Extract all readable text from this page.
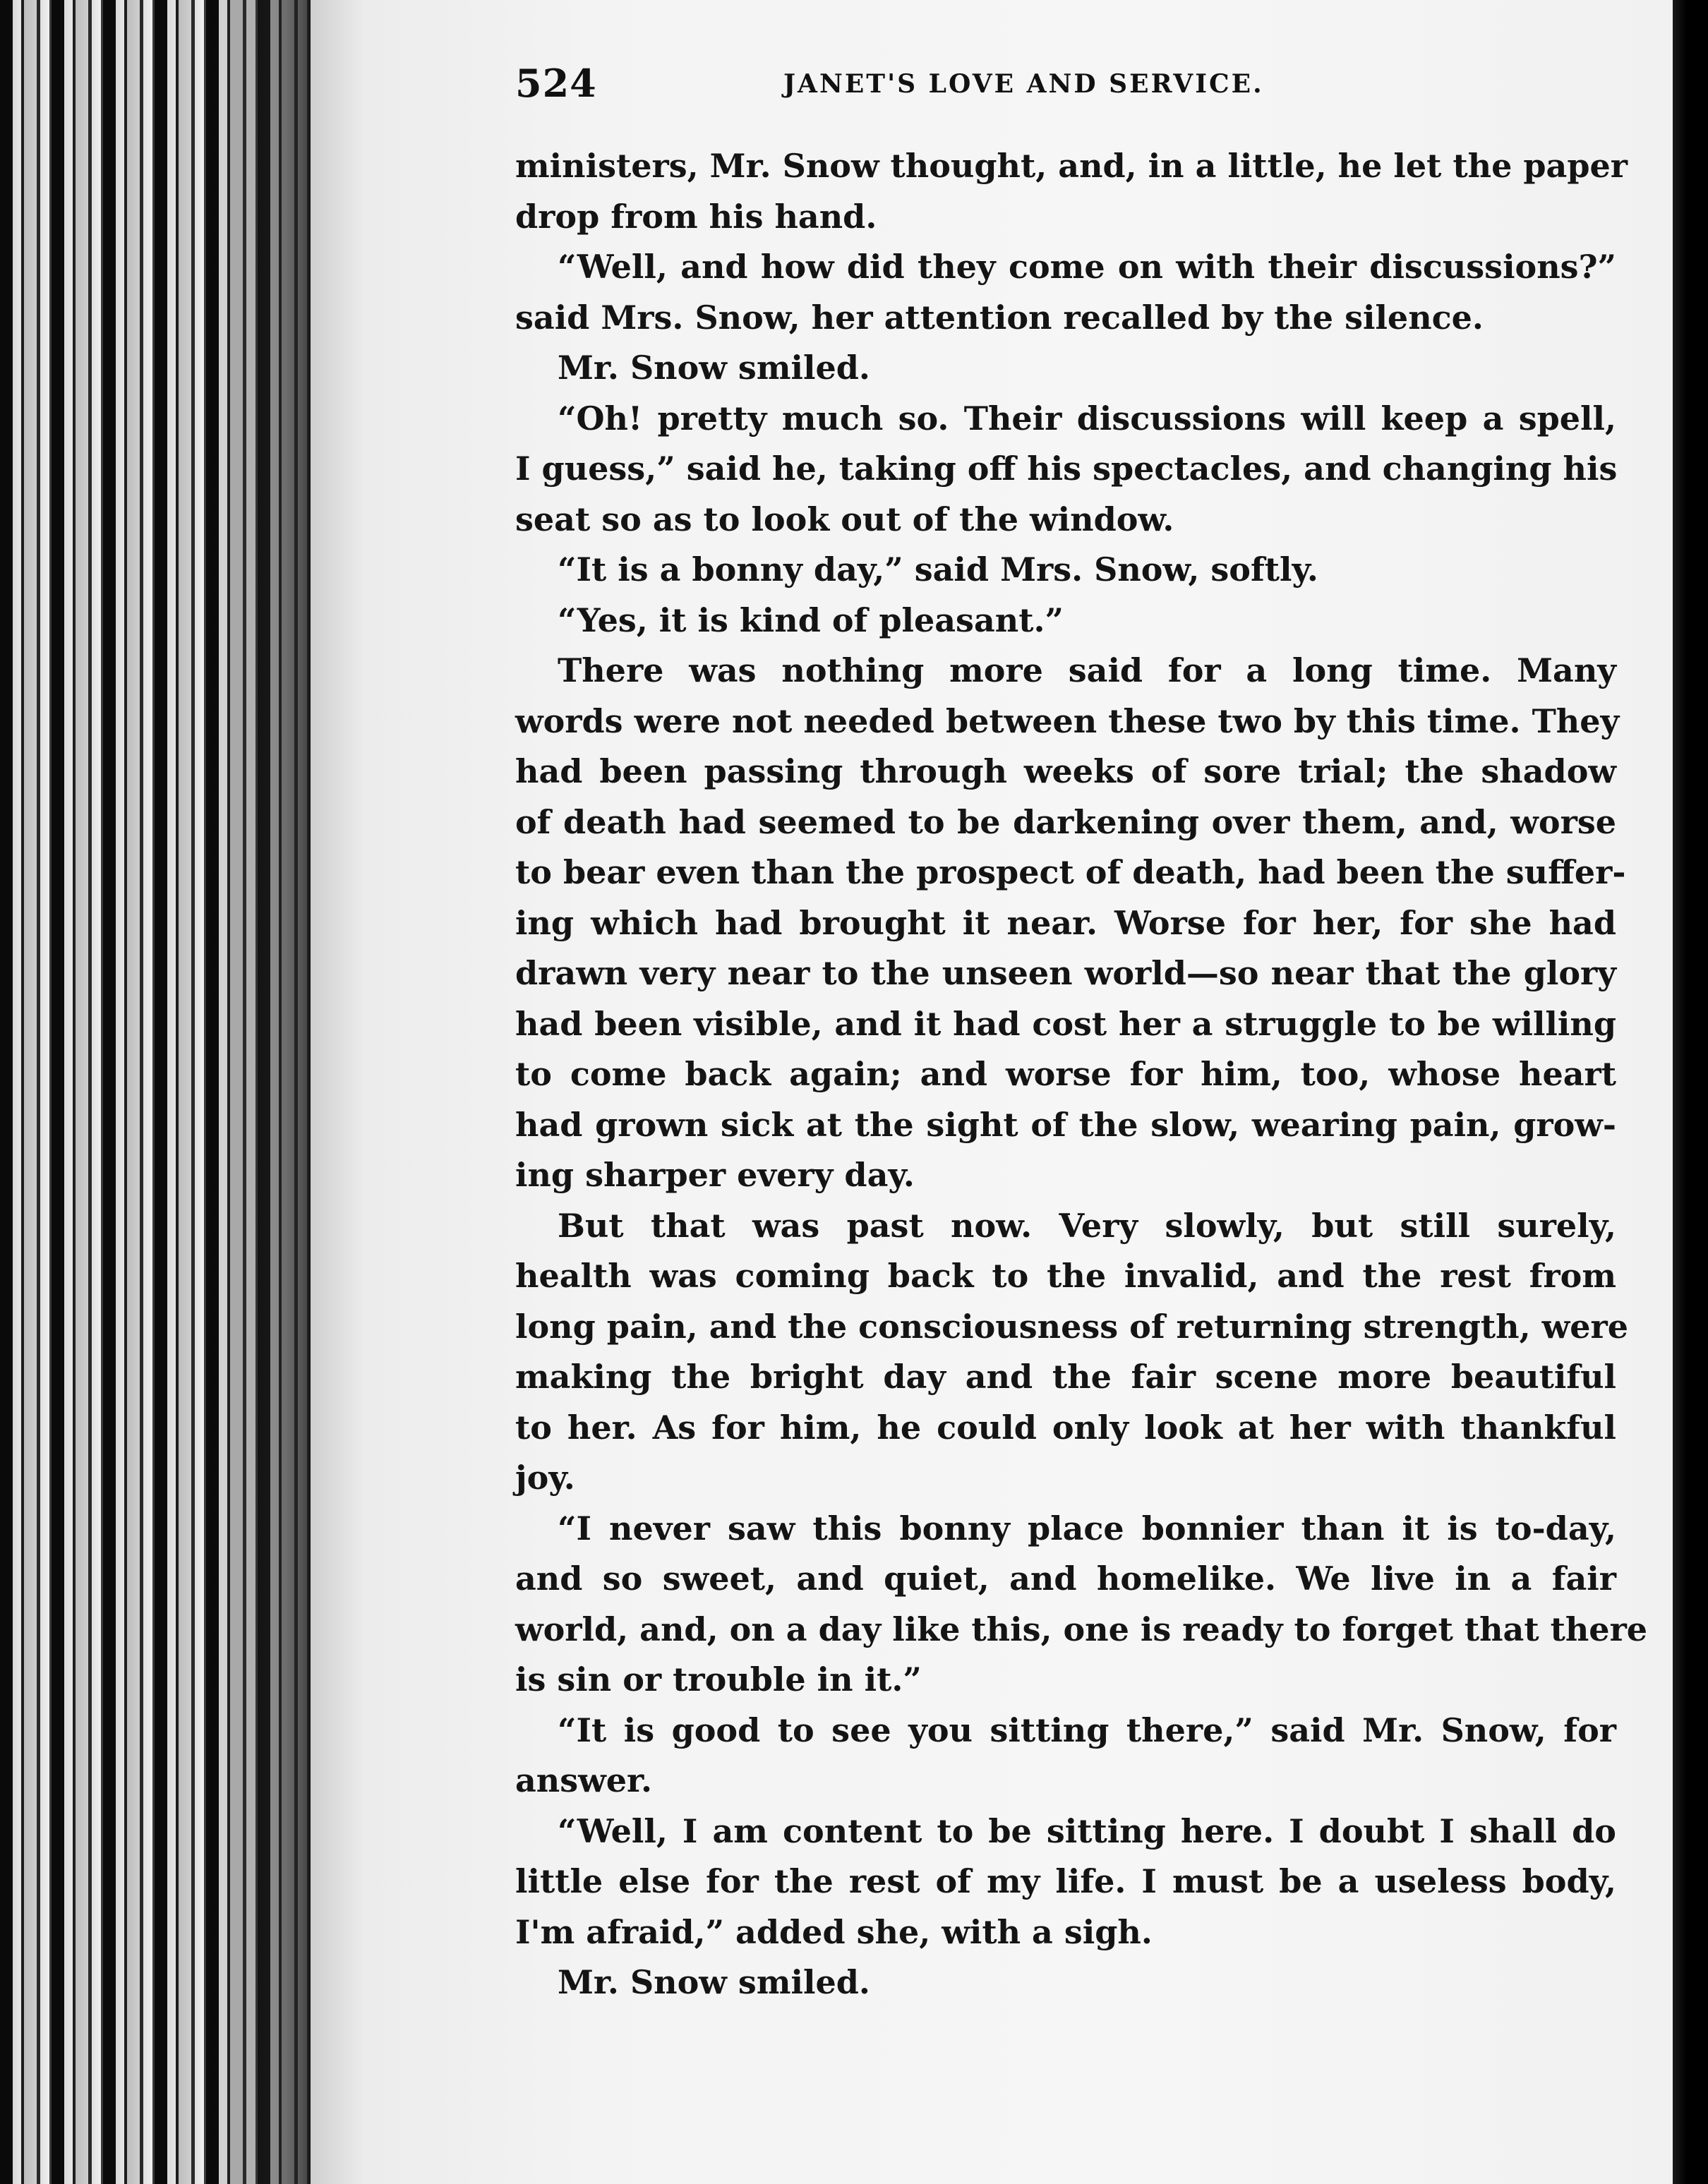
524	JANET'S LOVE AND SERVICE.
ministers, Mr. Snow thought, and, in a little, he let the paper
drop from his hand.
“Well, and how did they come on with their discussions?”
said Mrs. Snow, her attention recalled by the silence.
Mr. Snow smiled.
“Oh! pretty much so. Their discussions will keep a spell,
I guess,” said he, taking off his spectacles, and changing his
seat so as to look out of the window.
“It is a bonny day,” said Mrs. Snow, softly.
“Yes, it is kind of pleasant.”
There was nothing more said for a long time. Many
words were not needed between these two by this time. They
had been passing through weeks of sore trial; the shadow
of death had seemed to be darkening over them, and, worse
to bear even than the prospect of death, had been the suffer-
ing which had brought it near. Worse for her, for she had
drawn very near to the unseen world—so near that the glory
had been visible, and it had cost her a struggle to be willing
to come back again; and worse for him, too, whose heart
had grown sick at the sight of the slow, wearing pain, grow-
ing sharper every day.
But that was past now. Very slowly, but still surely,
health was coming back to the invalid, and the rest from
long pain, and the consciousness of returning strength, were
making the bright day and the fair scene more beautiful
to her. As for him, he could only look at her with thankful
joy.
“I never saw this bonny place bonnier than it is to-day,
and so sweet, and quiet, and homelike. We live in a fair
world, and, on a day like this, one is ready to forget that there
is sin or trouble in it.”
“It is good to see you sitting there,” said Mr. Snow, for
answer.
“Well, I am content to be sitting here. I doubt I shall do
little else for the rest of my life. I must be a useless body,
I'm afraid,” added she, with a sigh.
Mr. Snow smiled.
